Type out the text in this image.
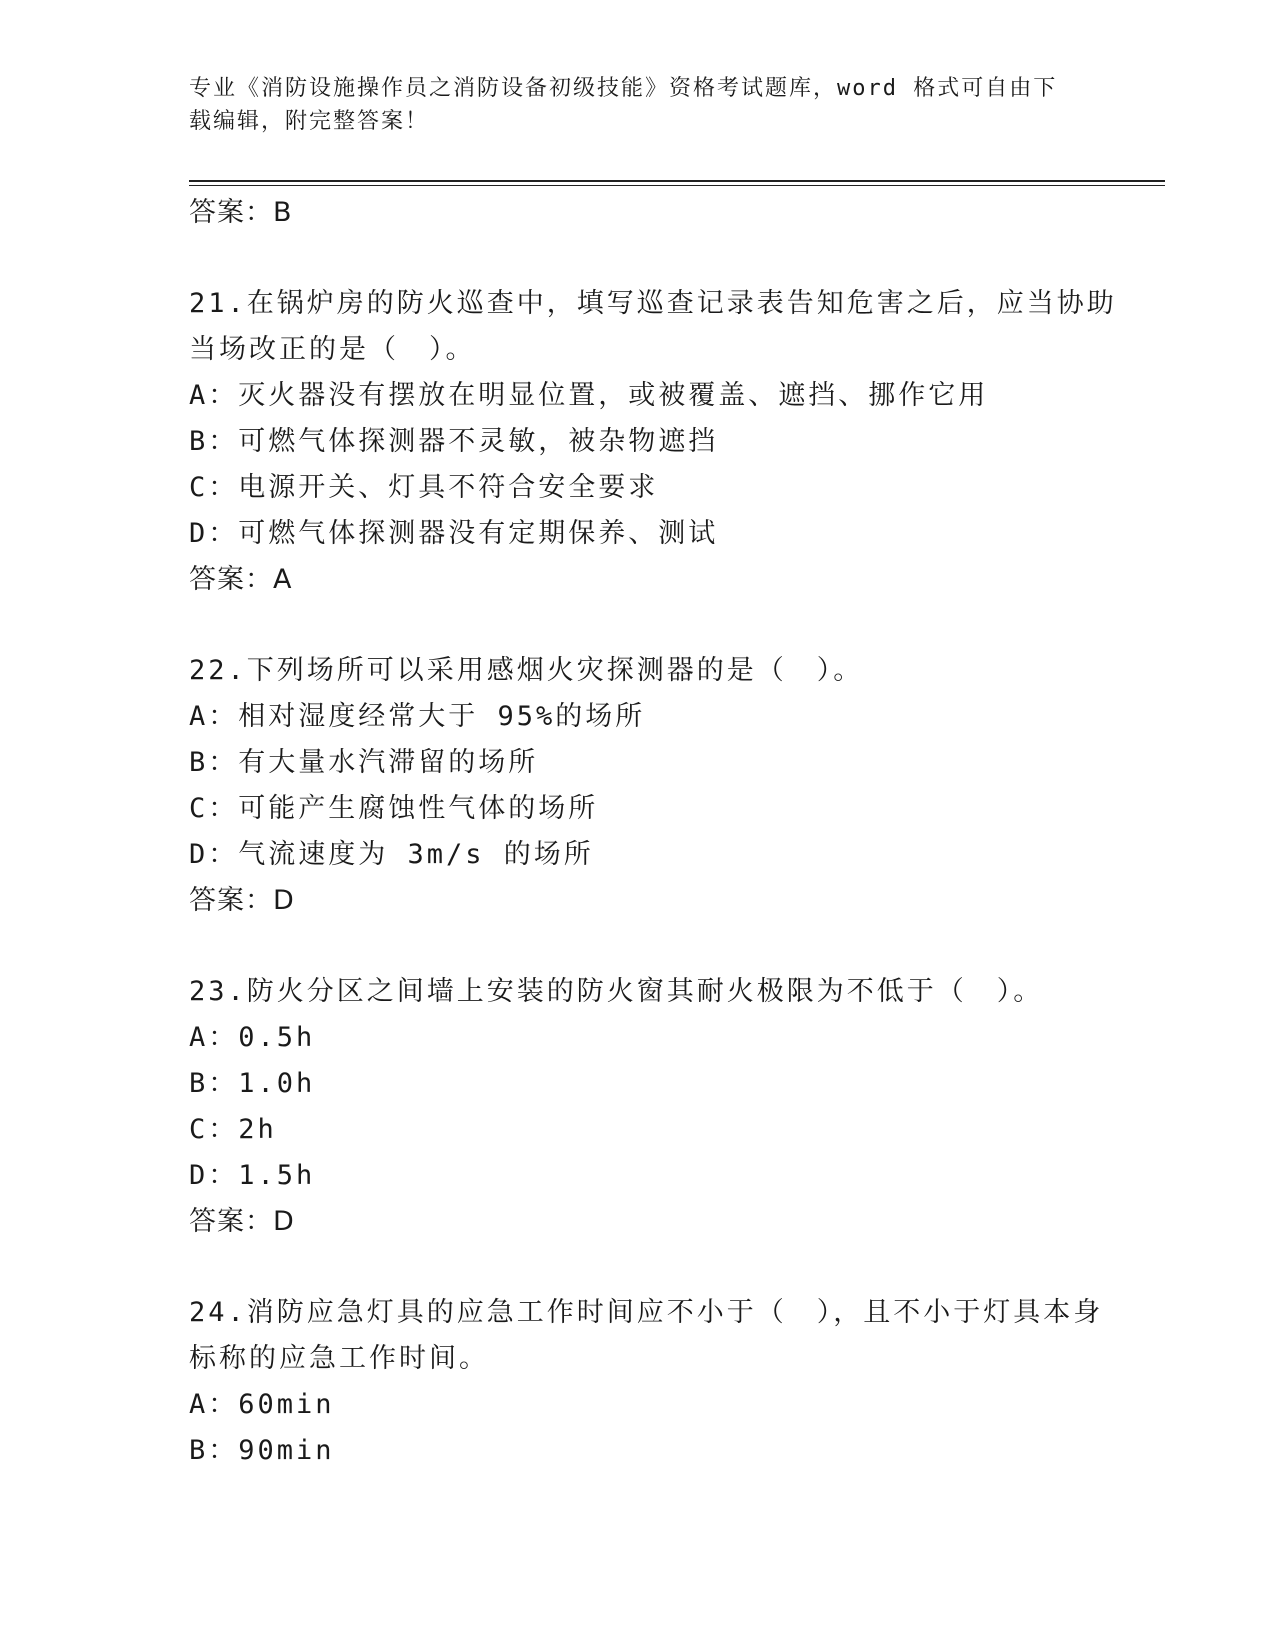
专业《消防设施操作员之消防设备初级技能》资格考试题库，word 格式可自由下
载编辑，附完整答案！
答案：B
21.在锅炉房的防火巡查中，填写巡查记录表告知危害之后，应当协助
当场改正的是（　）。
A：灭火器没有摆放在明显位置，或被覆盖、遮挡、挪作它用
B：可燃气体探测器不灵敏，被杂物遮挡
C：电源开关、灯具不符合安全要求
D：可燃气体探测器没有定期保养、测试
答案：A
22.下列场所可以采用感烟火灾探测器的是（　）。
A：相对湿度经常大于 95%的场所
B：有大量水汽滞留的场所
C：可能产生腐蚀性气体的场所
D：气流速度为 3m/s 的场所
答案：D
23.防火分区之间墙上安装的防火窗其耐火极限为不低于（　）。
A：0.5h
B：1.0h
C：2h
D：1.5h
答案：D
24.消防应急灯具的应急工作时间应不小于（　），且不小于灯具本身
标称的应急工作时间。
A：60min
B：90min
